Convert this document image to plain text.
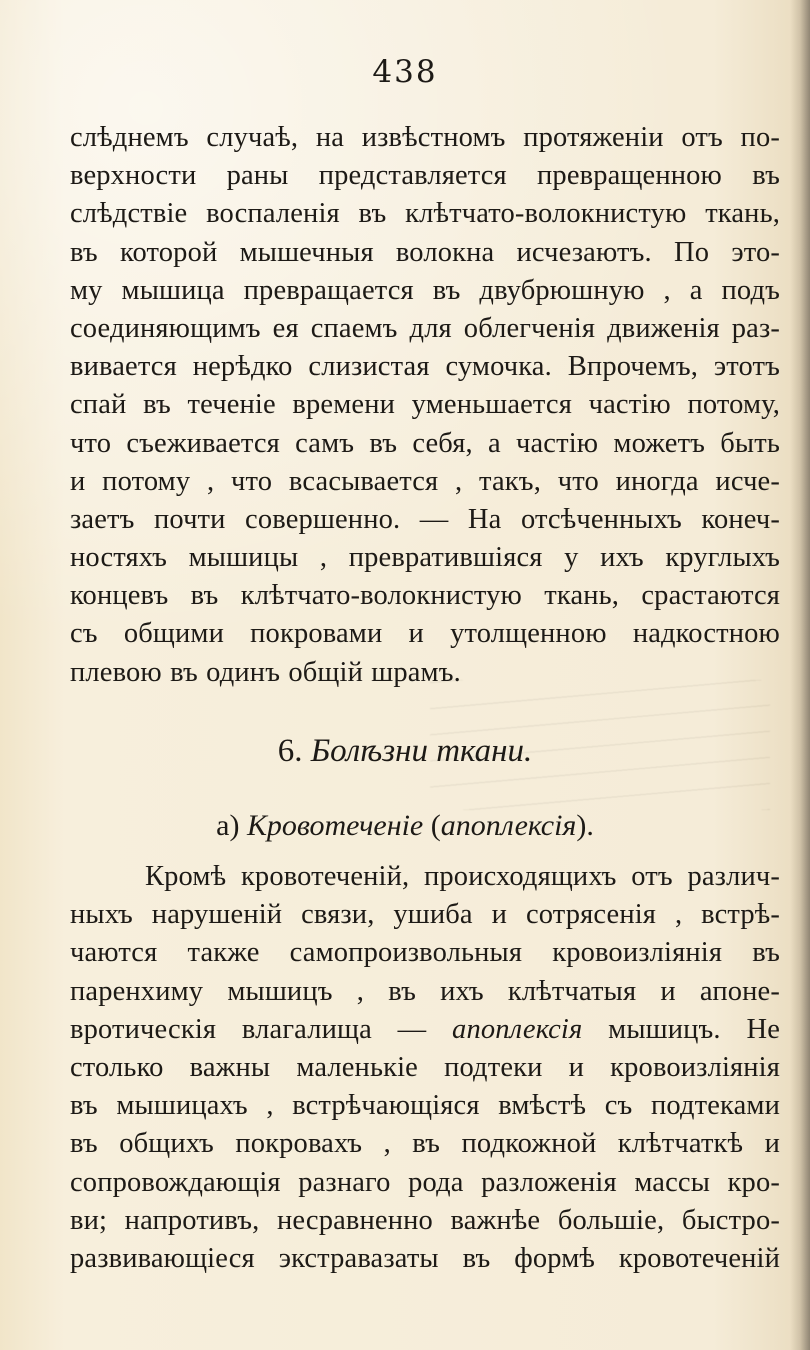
438
слѣднемъ случаѣ, на извѣстномъ протяженіи отъ по-
верхности раны представляется превращенною въ
слѣдствіе воспаленія въ клѣтчато-волокнистую ткань,
въ которой мышечныя волокна исчезаютъ. По это-
му мышица превращается въ двубрюшную , а подъ
соединяющимъ ея спаемъ для облегченія движенія раз-
вивается нерѣдко слизистая сумочка. Впрочемъ, этотъ
спай въ теченіе времени уменьшается частію потому,
что съеживается самъ въ себя, а частію можетъ быть
и потому , что всасывается , такъ, что иногда исче-
заетъ почти совершенно. — На отсѣченныхъ конеч-
ностяхъ мышицы , превратившіяся у ихъ круглыхъ
концевъ въ клѣтчато-волокнистую ткань, срастаются
съ общими покровами и утолщенною надкостною
плевою въ одинъ общій шрамъ.
6. Болѣзни ткани.
a) Кровотеченіе (апоплексія).
Кромѣ кровотеченій, происходящихъ отъ различ-
ныхъ нарушеній связи, ушиба и сотрясенія , встрѣ-
чаются также самопроизвольныя кровоизліянія въ
паренхиму мышицъ , въ ихъ клѣтчатыя и апоне-
вротическія влагалища — апоплексія мышицъ. Не
столько важны маленькіе подтеки и кровоизліянія
въ мышицахъ , встрѣчающіяся вмѣстѣ съ подтеками
въ общихъ покровахъ , въ подкожной клѣтчаткѣ и
сопровождающія разнаго рода разложенія массы кро-
ви; напротивъ, несравненно важнѣе большіе, быстро-
развивающіеся экстравазаты въ формѣ кровотеченій
